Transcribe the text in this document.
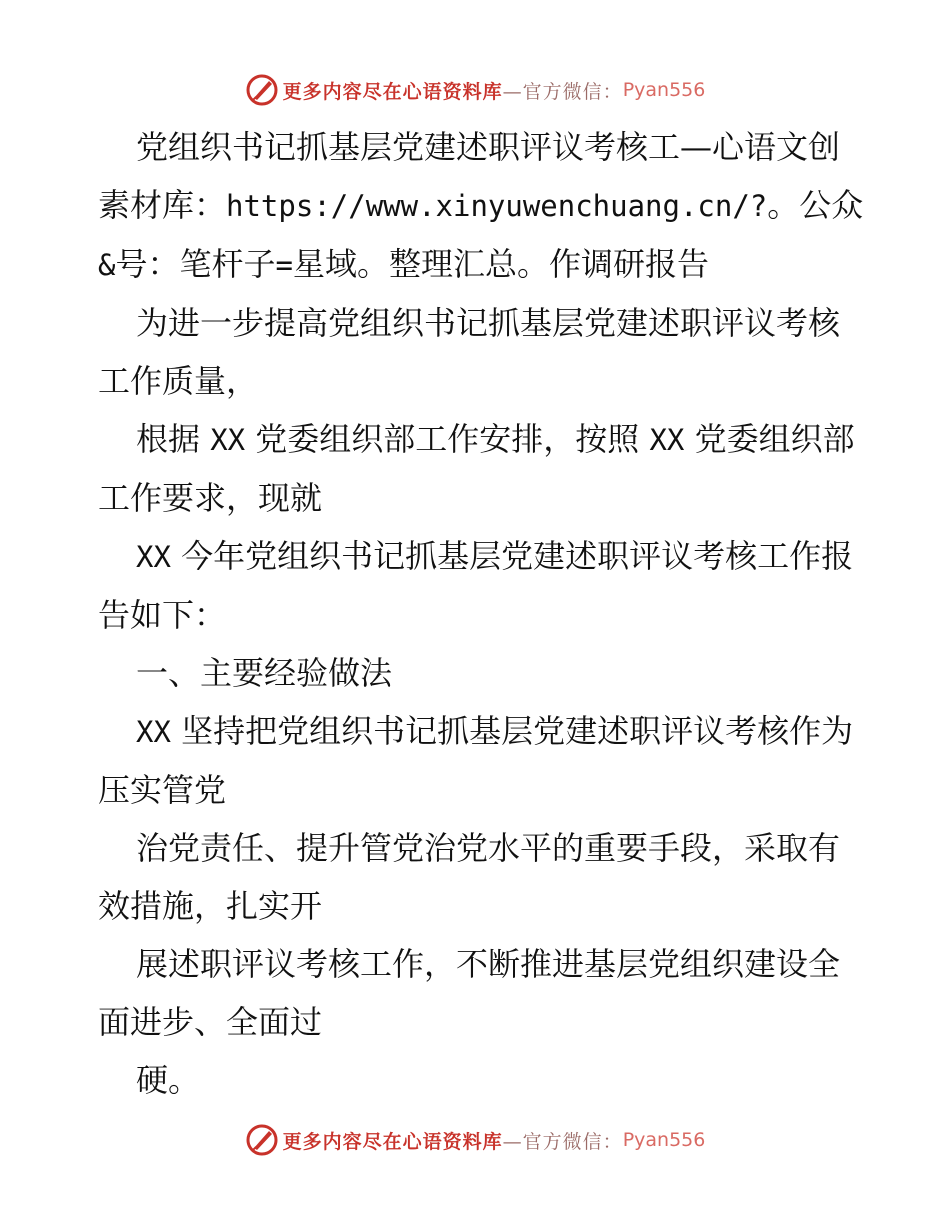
更多内容尽在心语资料库 —官方微信： Pyan556

党组织书记抓基层党建述职评议考核工—心语文创素材库：https://www.xinyuwenchuang.cn/?。公众&号：笔杆子=星域。整理汇总。作调研报告

为进一步提高党组织书记抓基层党建述职评议考核工作质量，

根据 XX 党委组织部工作安排，按照 XX 党委组织部工作要求，现就

XX 今年党组织书记抓基层党建述职评议考核工作报告如下：

一、主要经验做法

XX 坚持把党组织书记抓基层党建述职评议考核作为压实管党

治党责任、提升管党治党水平的重要手段，采取有效措施，扎实开

展述职评议考核工作，不断推进基层党组织建设全面进步、全面过

硬。

更多内容尽在心语资料库 —官方微信： Pyan556
